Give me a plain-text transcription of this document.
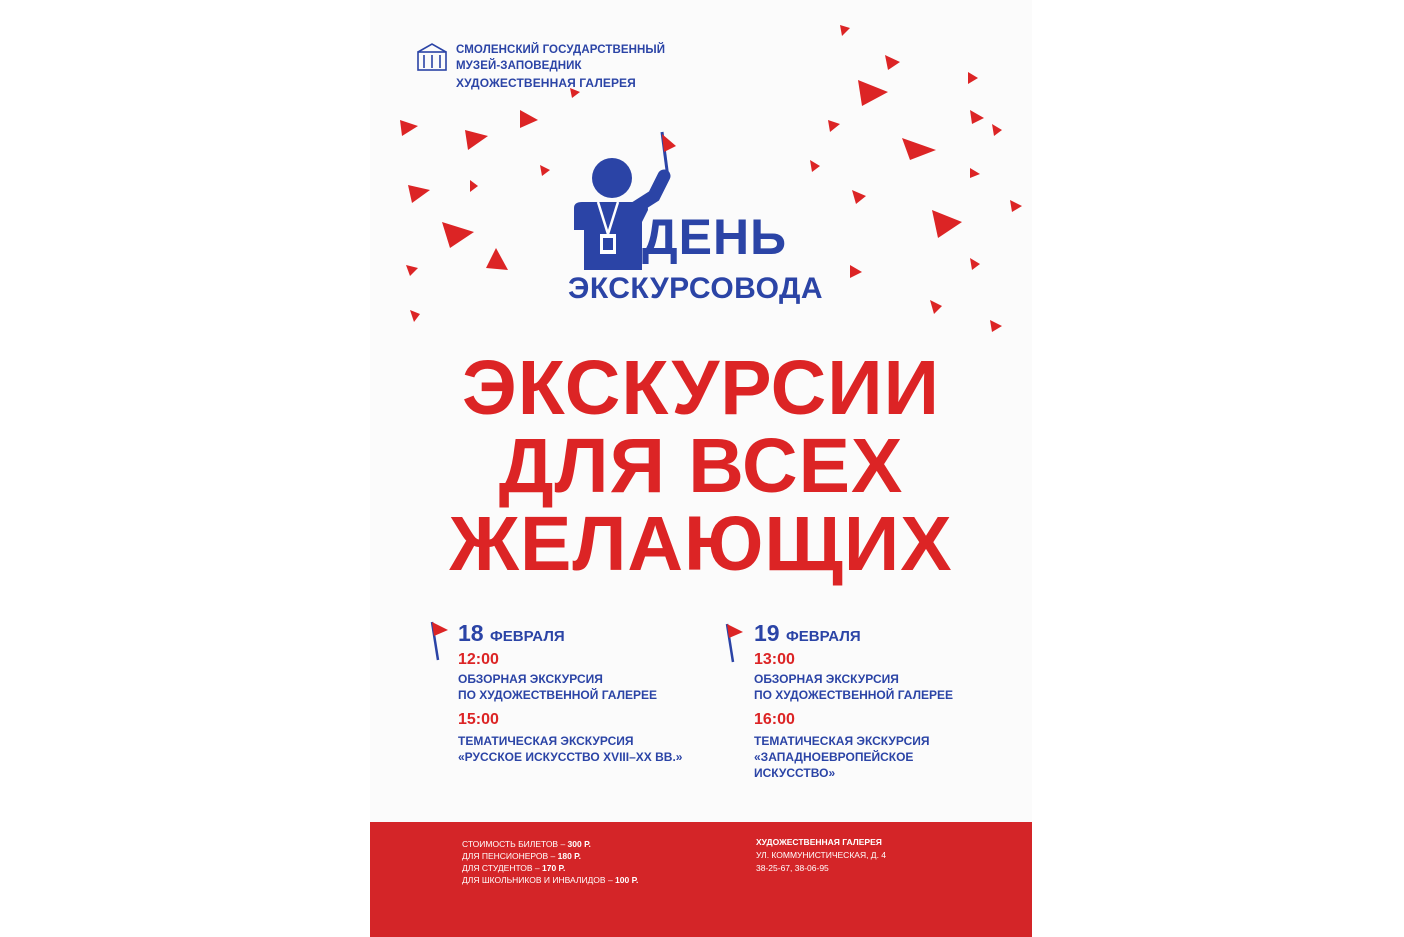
СМОЛЕНСКИЙ ГОСУДАРСТВЕННЫЙ
МУЗЕЙ-ЗАПОВЕДНИК
ХУДОЖЕСТВЕННАЯ ГАЛЕРЕЯ
ДЕНЬ
ЭКСКУРСОВОДА
ЭКСКУРСИИ
ДЛЯ ВСЕХ
ЖЕЛАЮЩИХ
18 ФЕВРАЛЯ
12:00
ОБЗОРНАЯ ЭКСКУРСИЯ
ПО ХУДОЖЕСТВЕННОЙ ГАЛЕРЕЕ
15:00
ТЕМАТИЧЕСКАЯ ЭКСКУРСИЯ
«РУССКОЕ ИСКУССТВО XVIII–XX ВВ.»
19 ФЕВРАЛЯ
13:00
ОБЗОРНАЯ ЭКСКУРСИЯ
ПО ХУДОЖЕСТВЕННОЙ ГАЛЕРЕЕ
16:00
ТЕМАТИЧЕСКАЯ ЭКСКУРСИЯ
«ЗАПАДНОЕВРОПЕЙСКОЕ
ИСКУССТВО»
СТОИМОСТЬ БИЛЕТОВ – 300 Р.
ДЛЯ ПЕНСИОНЕРОВ – 180 Р.
ДЛЯ СТУДЕНТОВ – 170 Р.
ДЛЯ ШКОЛЬНИКОВ И ИНВАЛИДОВ – 100 Р.
ХУДОЖЕСТВЕННАЯ ГАЛЕРЕЯ
УЛ. КОММУНИСТИЧЕСКАЯ, Д. 4
38-25-67, 38-06-95
